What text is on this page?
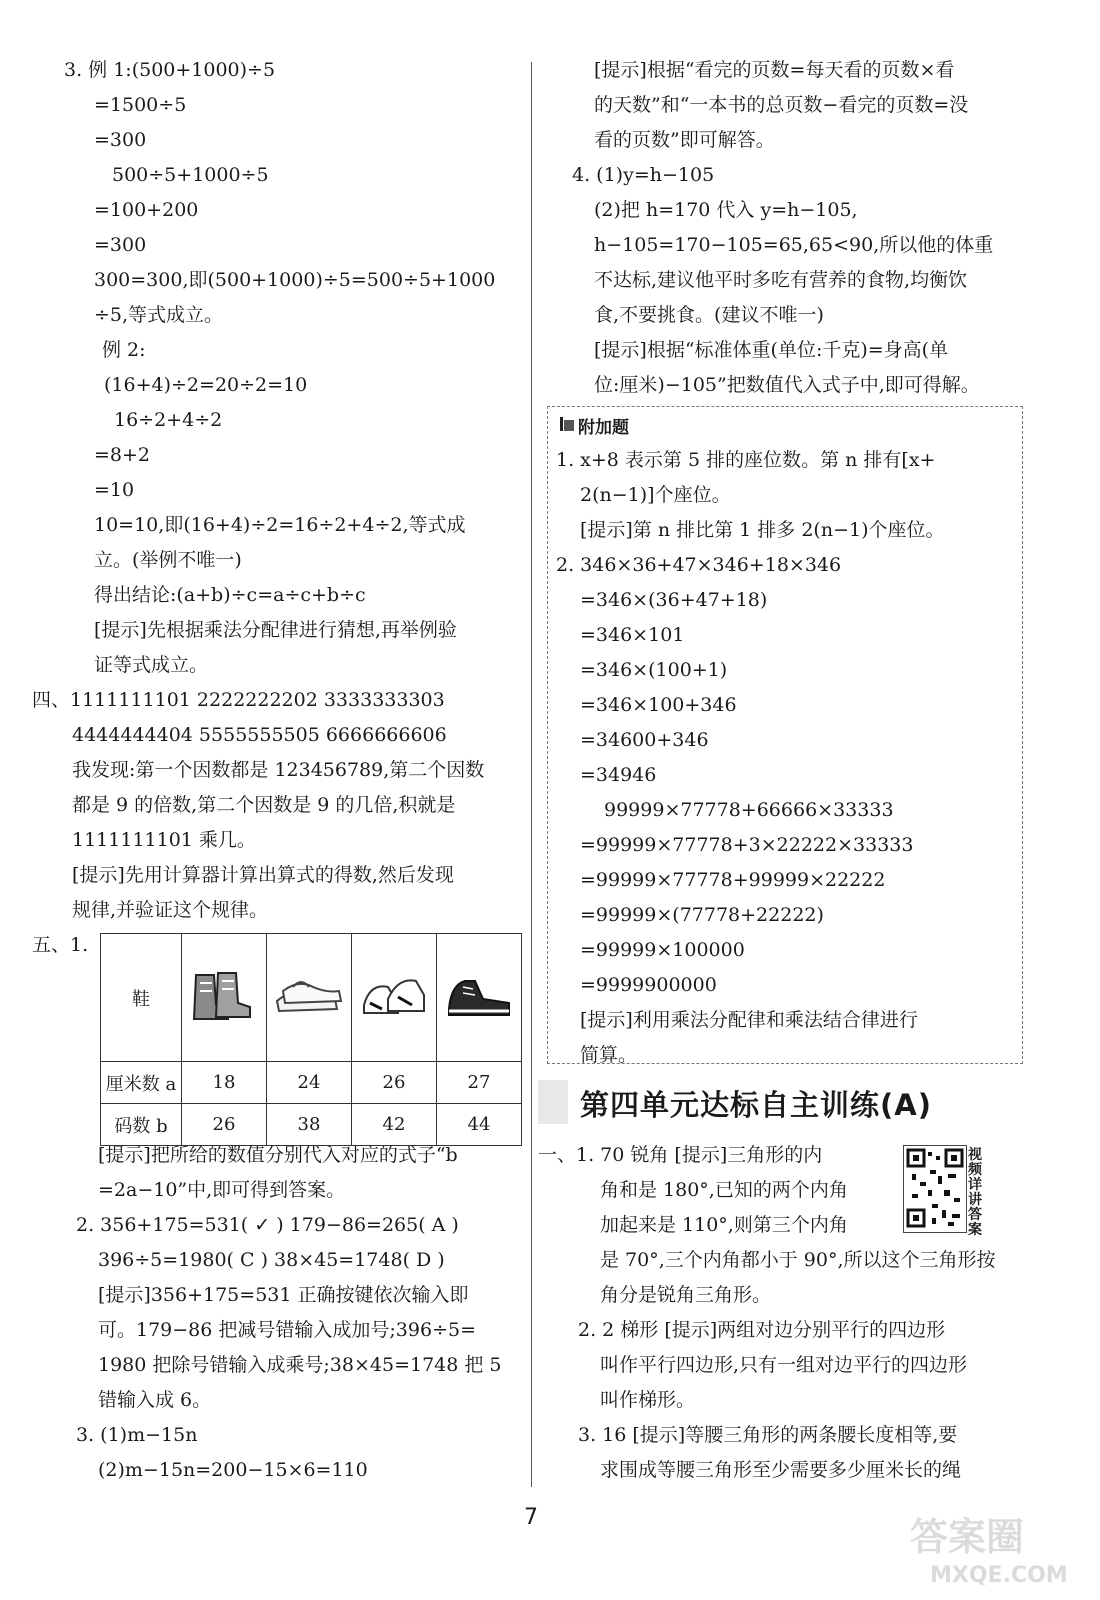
3. 例 1:(500+1000)÷5
=1500÷5
=300
500÷5+1000÷5
=100+200
=300
300=300,即(500+1000)÷5=500÷5+1000
÷5,等式成立。
例 2:
(16+4)÷2=20÷2=10
16÷2+4÷2
=8+2
=10
10=10,即(16+4)÷2=16÷2+4÷2,等式成
立。(举例不唯一)
得出结论:(a+b)÷c=a÷c+b÷c
[提示]先根据乘法分配律进行猜想,再举例验
证等式成立。
四、1111111101 2222222202 3333333303
4444444404 5555555505 6666666606
我发现:第一个因数都是 123456789,第二个因数
都是 9 的倍数,第二个因数是 9 的几倍,积就是
1111111101 乘几。
[提示]先用计算器计算出算式的得数,然后发现
规律,并验证这个规律。
五、1.
[提示]把所给的数值分别代入对应的式子“b
=2a−10”中,即可得到答案。
2. 356+175=531( ✓ ) 179−86=265( A )
396÷5=1980( C ) 38×45=1748( D )
[提示]356+175=531 正确按键依次输入即
可。179−86 把减号错输入成加号;396÷5=
1980 把除号错输入成乘号;38×45=1748 把 5
错输入成 6。
3. (1)m−15n
(2)m−15n=200−15×6=110
鞋				
厘米数 a	18	24	26	27
码数 b	26	38	42	44
[提示]根据“看完的页数=每天看的页数×看
的天数”和“一本书的总页数−看完的页数=没
看的页数”即可解答。
4. (1)y=h−105
(2)把 h=170 代入 y=h−105,
h−105=170−105=65,65<90,所以他的体重
不达标,建议他平时多吃有营养的食物,均衡饮
食,不要挑食。(建议不唯一)
[提示]根据“标准体重(单位:千克)=身高(单
位:厘米)−105”把数值代入式子中,即可得解。
附加题
1. x+8 表示第 5 排的座位数。第 n 排有[x+
2(n−1)]个座位。
[提示]第 n 排比第 1 排多 2(n−1)个座位。
2. 346×36+47×346+18×346
=346×(36+47+18)
=346×101
=346×(100+1)
=346×100+346
=34600+346
=34946
99999×77778+66666×33333
=99999×77778+3×22222×33333
=99999×77778+99999×22222
=99999×(77778+22222)
=99999×100000
=9999900000
[提示]利用乘法分配律和乘法结合律进行
简算。
第四单元达标自主训练(A)
一、1. 70 锐角 [提示]三角形的内
角和是 180°,已知的两个内角
加起来是 110°,则第三个内角
是 70°,三个内角都小于 90°,所以这个三角形按
角分是锐角三角形。
2. 2 梯形 [提示]两组对边分别平行的四边形
叫作平行四边形,只有一组对边平行的四边形
叫作梯形。
3. 16 [提示]等腰三角形的两条腰长度相等,要
求围成等腰三角形至少需要多少厘米长的绳
视频详讲答案
7	答案圈
MXQE.COM
